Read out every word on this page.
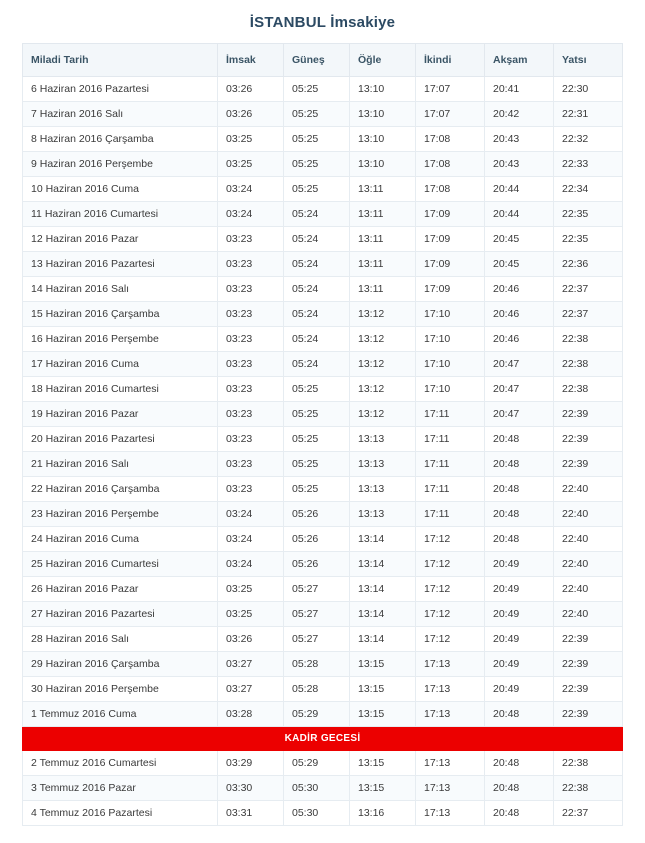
İSTANBUL İmsakiye
Miladi Tarih	İmsak	Güneş	Öğle	İkindi	Akşam	Yatsı
6 Haziran 2016 Pazartesi	03:26	05:25	13:10	17:07	20:41	22:30
7 Haziran 2016 Salı	03:26	05:25	13:10	17:07	20:42	22:31
8 Haziran 2016 Çarşamba	03:25	05:25	13:10	17:08	20:43	22:32
9 Haziran 2016 Perşembe	03:25	05:25	13:10	17:08	20:43	22:33
10 Haziran 2016 Cuma	03:24	05:25	13:11	17:08	20:44	22:34
11 Haziran 2016 Cumartesi	03:24	05:24	13:11	17:09	20:44	22:35
12 Haziran 2016 Pazar	03:23	05:24	13:11	17:09	20:45	22:35
13 Haziran 2016 Pazartesi	03:23	05:24	13:11	17:09	20:45	22:36
14 Haziran 2016 Salı	03:23	05:24	13:11	17:09	20:46	22:37
15 Haziran 2016 Çarşamba	03:23	05:24	13:12	17:10	20:46	22:37
16 Haziran 2016 Perşembe	03:23	05:24	13:12	17:10	20:46	22:38
17 Haziran 2016 Cuma	03:23	05:24	13:12	17:10	20:47	22:38
18 Haziran 2016 Cumartesi	03:23	05:25	13:12	17:10	20:47	22:38
19 Haziran 2016 Pazar	03:23	05:25	13:12	17:11	20:47	22:39
20 Haziran 2016 Pazartesi	03:23	05:25	13:13	17:11	20:48	22:39
21 Haziran 2016 Salı	03:23	05:25	13:13	17:11	20:48	22:39
22 Haziran 2016 Çarşamba	03:23	05:25	13:13	17:11	20:48	22:40
23 Haziran 2016 Perşembe	03:24	05:26	13:13	17:11	20:48	22:40
24 Haziran 2016 Cuma	03:24	05:26	13:14	17:12	20:48	22:40
25 Haziran 2016 Cumartesi	03:24	05:26	13:14	17:12	20:49	22:40
26 Haziran 2016 Pazar	03:25	05:27	13:14	17:12	20:49	22:40
27 Haziran 2016 Pazartesi	03:25	05:27	13:14	17:12	20:49	22:40
28 Haziran 2016 Salı	03:26	05:27	13:14	17:12	20:49	22:39
29 Haziran 2016 Çarşamba	03:27	05:28	13:15	17:13	20:49	22:39
30 Haziran 2016 Perşembe	03:27	05:28	13:15	17:13	20:49	22:39
1 Temmuz 2016 Cuma	03:28	05:29	13:15	17:13	20:48	22:39
KADİR GECESİ						
2 Temmuz 2016 Cumartesi	03:29	05:29	13:15	17:13	20:48	22:38
3 Temmuz 2016 Pazar	03:30	05:30	13:15	17:13	20:48	22:38
4 Temmuz 2016 Pazartesi	03:31	05:30	13:16	17:13	20:48	22:37
